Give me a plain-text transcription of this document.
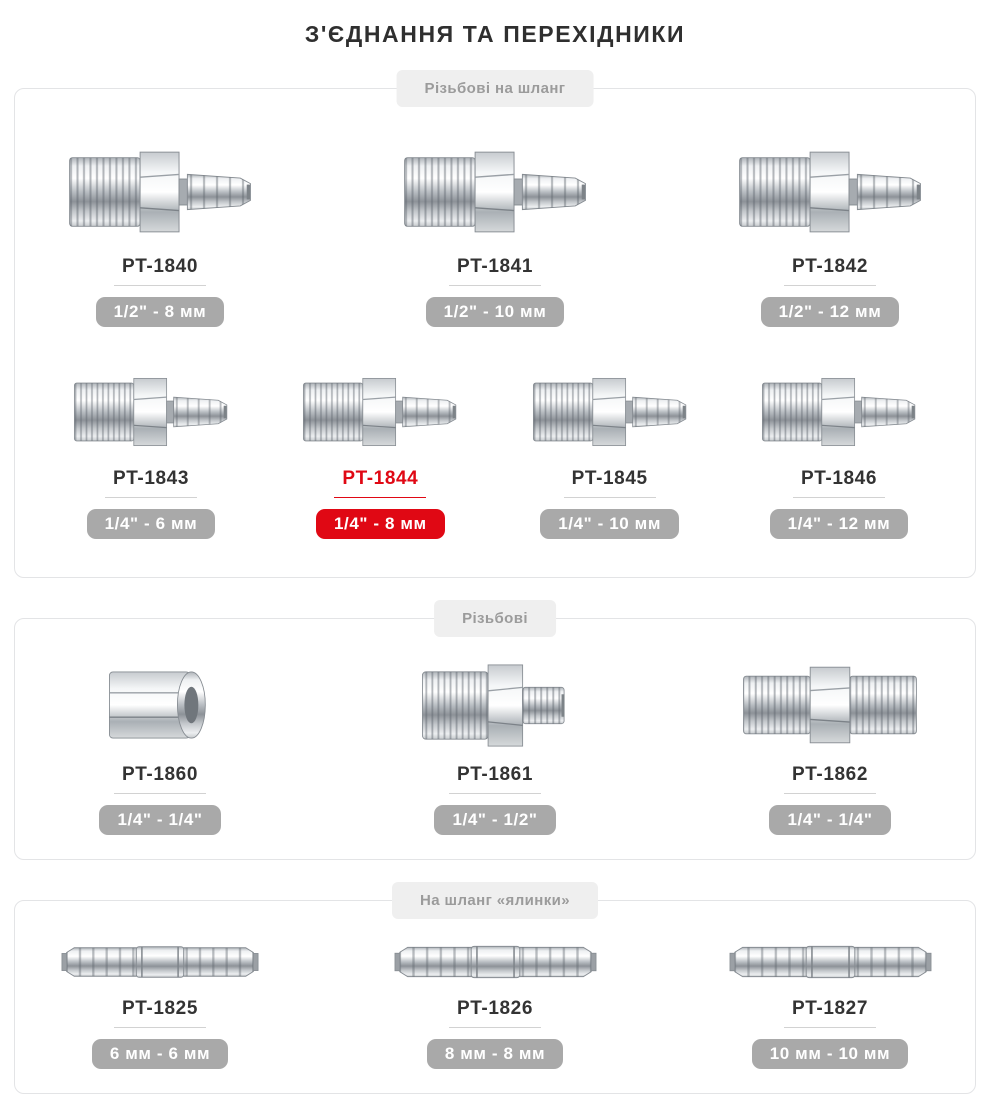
З'ЄДНАННЯ ТА ПЕРЕХІДНИКИ
Різьбові на шланг
PT-1840
1/2" - 8 мм
PT-1841
1/2" - 10 мм
PT-1842
1/2" - 12 мм
PT-1843
1/4" - 6 мм
PT-1844
1/4" - 8 мм
PT-1845
1/4" - 10 мм
PT-1846
1/4" - 12 мм
Різьбові
PT-1860
1/4" - 1/4"
PT-1861
1/4" - 1/2"
PT-1862
1/4" - 1/4"
На шланг «ялинки»
PT-1825
6 мм - 6 мм
PT-1826
8 мм - 8 мм
PT-1827
10 мм - 10 мм
